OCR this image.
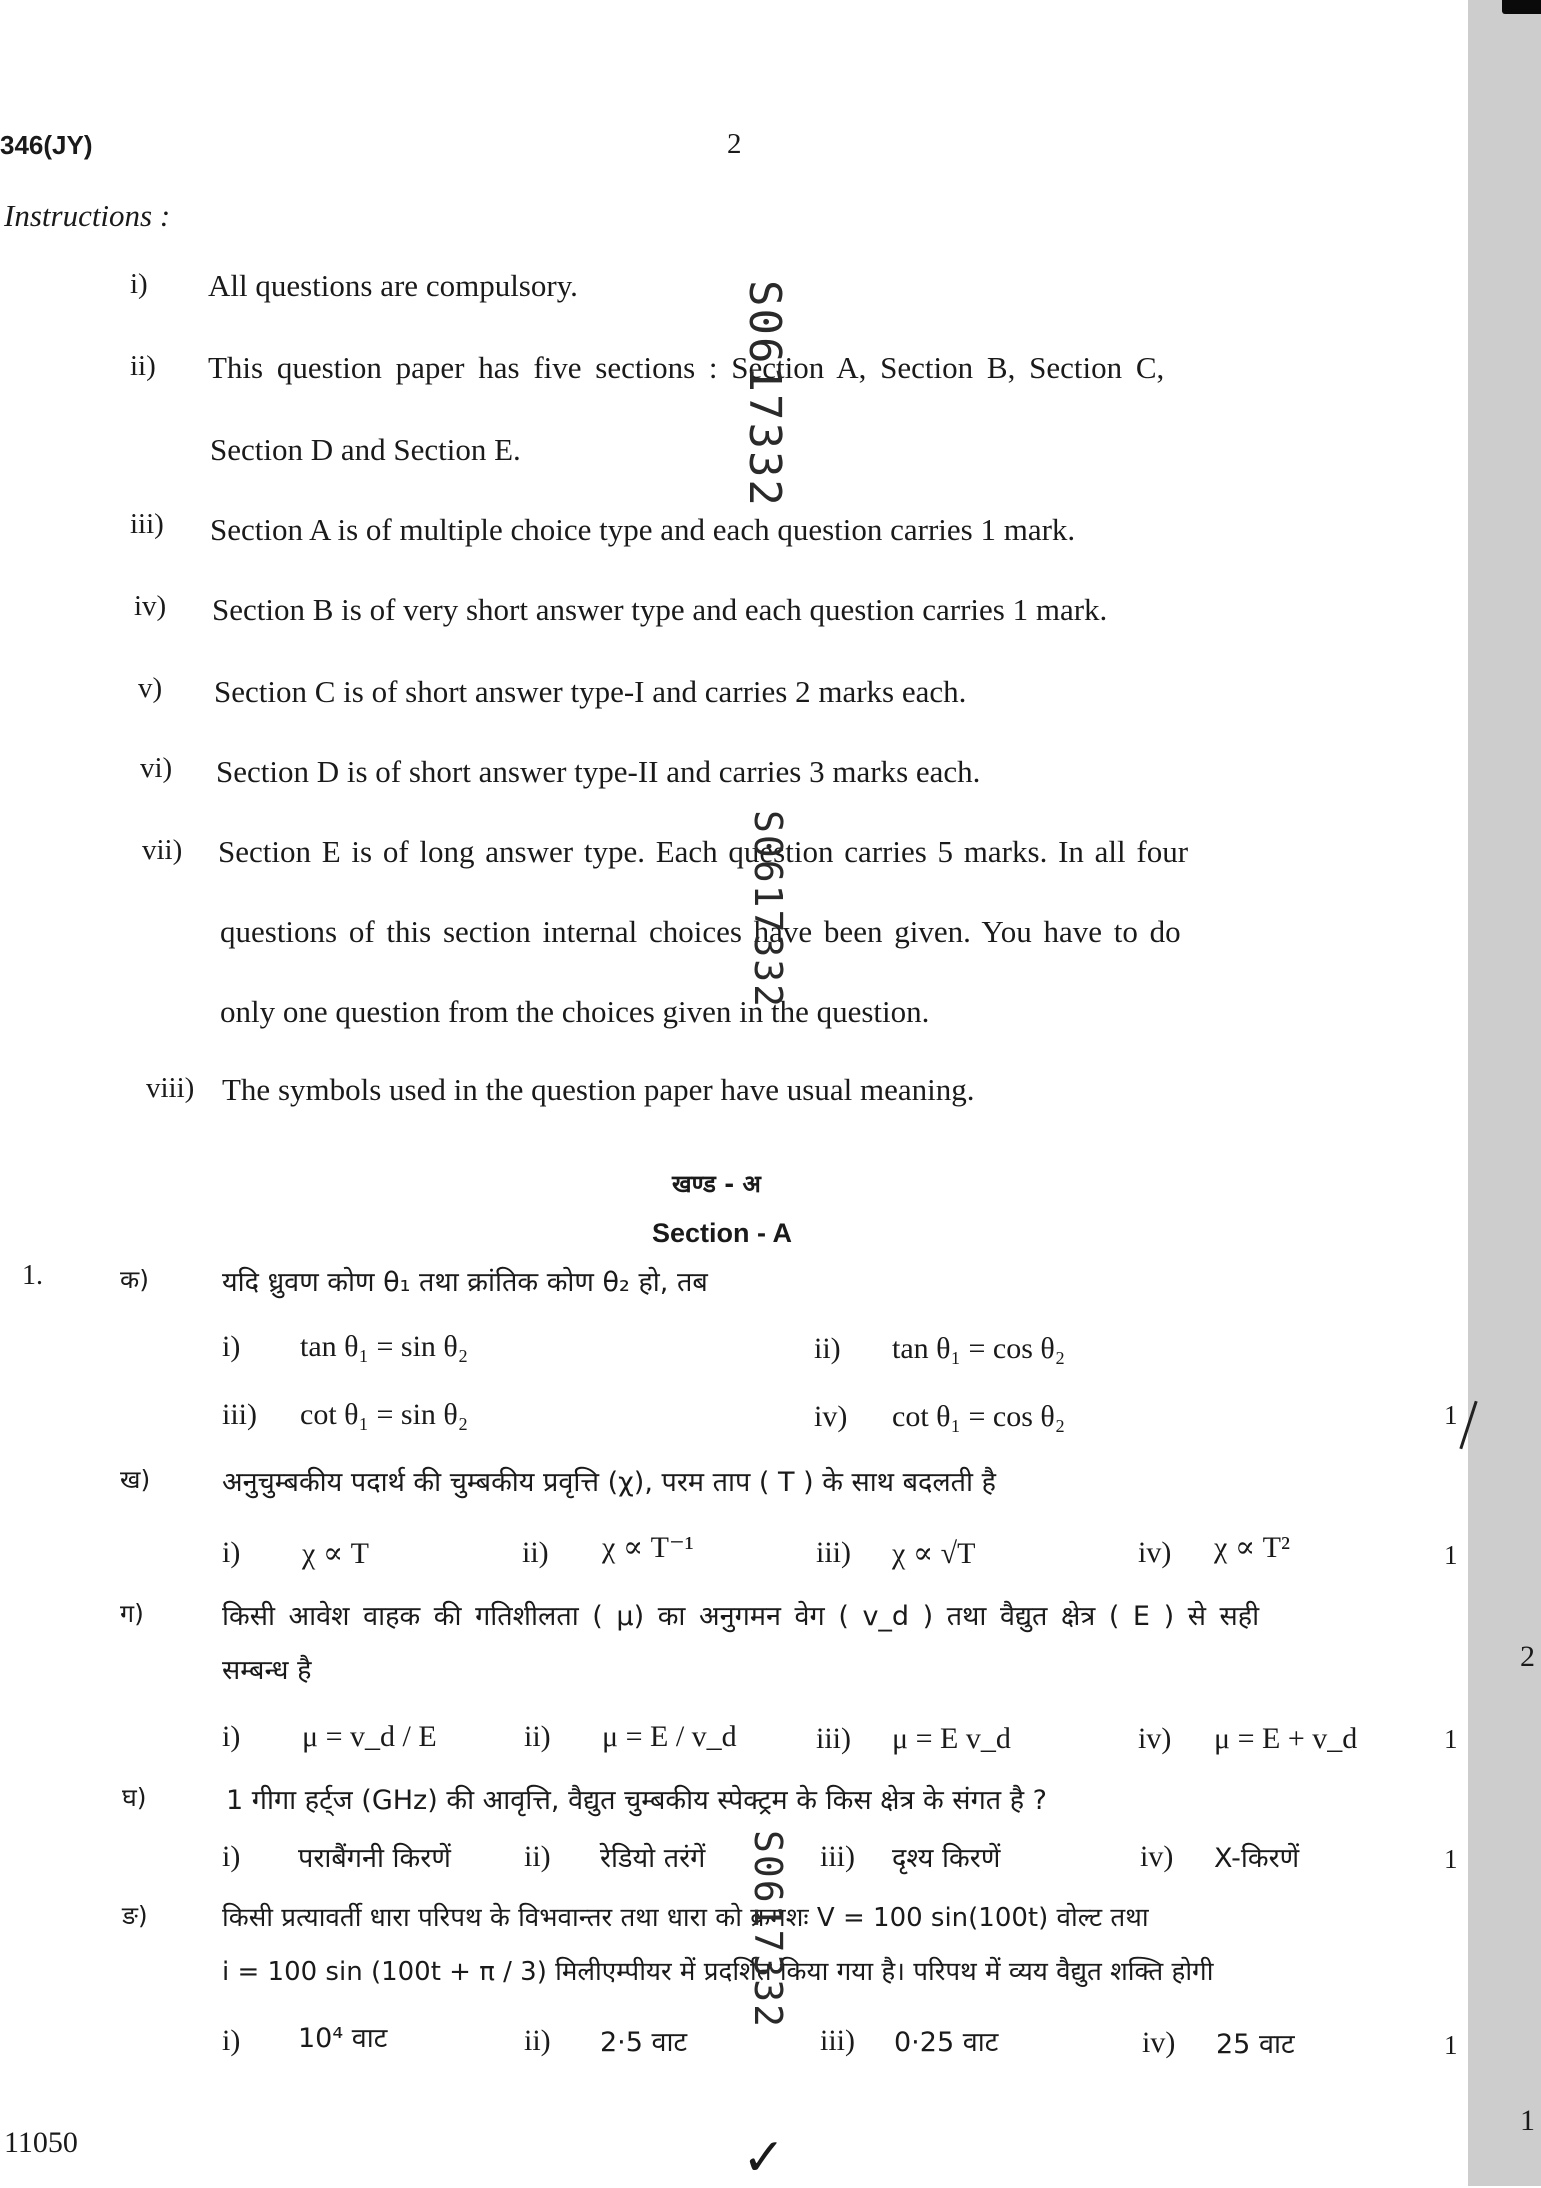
346(JY)	2
Instructions :
i) All questions are compulsory.
ii) This question paper has five sections : Section A, Section B, Section C,
Section D and Section E.
iii) Section A is of multiple choice type and each question carries 1 mark.
iv) Section B is of very short answer type and each question carries 1 mark.
v) Section C is of short answer type-I and carries 2 marks each.
vi) Section D is of short answer type-II and carries 3 marks each.
vii) Section E is of long answer type. Each question carries 5 marks. In all four
questions of this section internal choices have been given. You have to do
only one question from the choices given in the question.
viii) The symbols used in the question paper have usual meaning.
खण्ड - अ
Section - A
1.	क)	यदि ध्रुवण कोण θ₁ तथा क्रांतिक कोण θ₂ हो, तब
i) tan θ₁ = sin θ₂	ii) tan θ₁ = cos θ₂
iii) cot θ₁ = sin θ₂	iv) cot θ₁ = cos θ₂	1
ख)	अनुचुम्बकीय पदार्थ की चुम्बकीय प्रवृत्ति (χ), परम ताप ( T ) के साथ बदलती है
i) χ ∝ T	ii) χ ∝ T⁻¹	iii) χ ∝ √T	iv) χ ∝ T²	1
ग)	किसी आवेश वाहक की गतिशीलता ( μ) का अनुगमन वेग ( v_d ) तथा वैद्युत क्षेत्र ( E ) से सही
सम्बन्ध है
i) μ = v_d / E	ii) μ = E / v_d	iii) μ = E v_d	iv) μ = E + v_d	1
घ)	1 गीगा हर्ट्ज (GHz) की आवृत्ति, वैद्युत चुम्बकीय स्पेक्ट्रम के किस क्षेत्र के संगत है ?
i) पराबैंगनी किरणें ii) रेडियो तरंगें	iii) दृश्य किरणें	iv) X-किरणें	1
ङ)	किसी प्रत्यावर्ती धारा परिपथ के विभवान्तर तथा धारा को क्रमशः V = 100 sin(100t) वोल्ट तथा
i = 100 sin (100t + π / 3) मिलीएम्पीयर में प्रदर्शित किया गया है। परिपथ में व्यय वैद्युत शक्ति होगी
i) 10⁴ वाट	ii) 2·5 वाट	iii) 0·25 वाट	iv) 25 वाट	1
2
1
S0617332
S0617332
S0617332
11050	✓
